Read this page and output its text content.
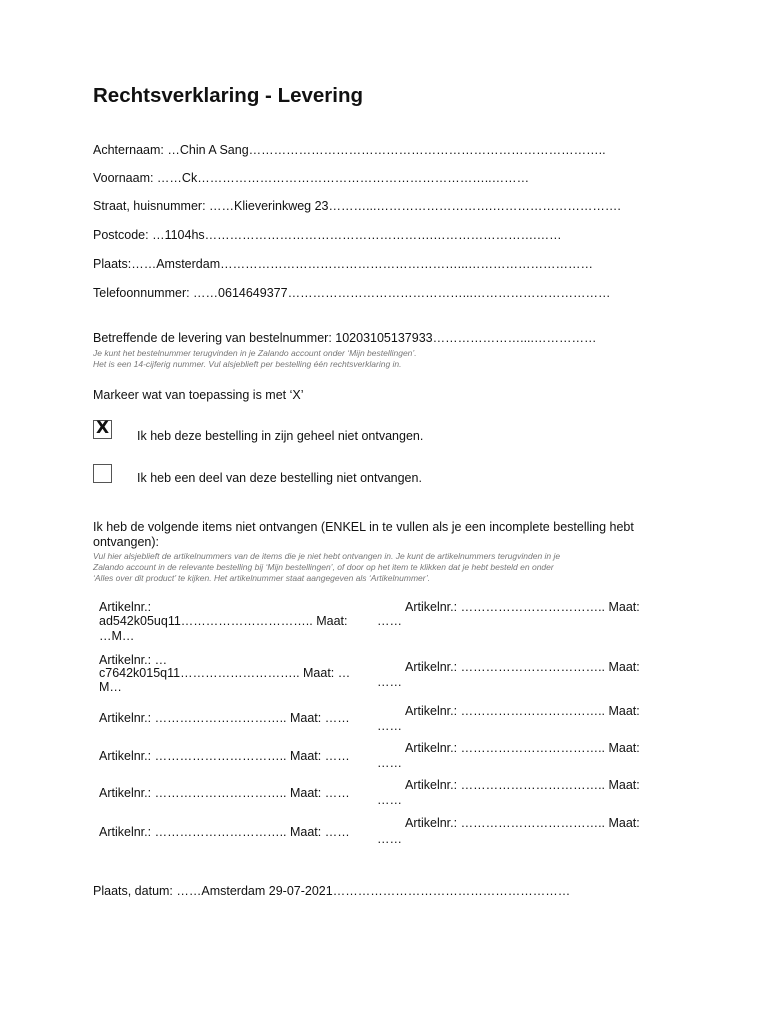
Rechtsverklaring - Levering
Achternaam: …Chin A Sang…………………………………………………………………………..
Voornaam: ……Ck……………………………………………………………..………
Straat, huisnummer: ……Klieverinkweg 23………...……………………….………………………….
Postcode: …1104hs……………………………………………….…………………….……
Plaats:……Amsterdam…………………………………………………...…………………………
Telefoonnummer: ……0614649377……………………………………...……………………………
Betreffende de levering van bestelnummer: 10203105137933…………………....……………
Je kunt het bestelnummer terugvinden in je Zalando account onder ‘Mijn bestellingen’.
Het is een 14-cijferig nummer. Vul alsjeblieft per bestelling één rechtsverklaring in.
Markeer wat van toepassing is met ‘X’
X Ik heb deze bestelling in zijn geheel niet ontvangen.
Ik heb een deel van deze bestelling niet ontvangen.
Ik heb de volgende items niet ontvangen (ENKEL in te vullen als je een incomplete bestelling hebt
ontvangen):
Vul hier alsjeblieft de artikelnummers van de items die je niet hebt ontvangen in. Je kunt de artikelnummers terugvinden in je
Zalando account in de relevante bestelling bij ‘Mijn bestellingen’, of door op het item te klikken dat je hebt besteld en onder
‘Alles over dit product’ te kijken. Het artikelnummer staat aangegeven als ‘Artikelnummer’.
Artikelnr.:
ad542k05uq11………………………….. Maat:
…M…
……
Artikelnr.: …………………………….. Maat:
Artikelnr.: …
c7642k015q11……………………….. Maat: …
M…	……
Artikelnr.: …………………………….. Maat:
Artikelnr.: ………………………….. Maat: ……
……
Artikelnr.: …………………………….. Maat:
Artikelnr.: ………………………….. Maat: …… ……
Artikelnr.: …………………………….. Maat:
Artikelnr.: ………………………….. Maat: …… ……
Artikelnr.: …………………………….. Maat:
Artikelnr.: ………………………….. Maat: …… ……
Artikelnr.: …………………………….. Maat:
Plaats, datum: ……Amsterdam 29-07-2021…………………………………………………
